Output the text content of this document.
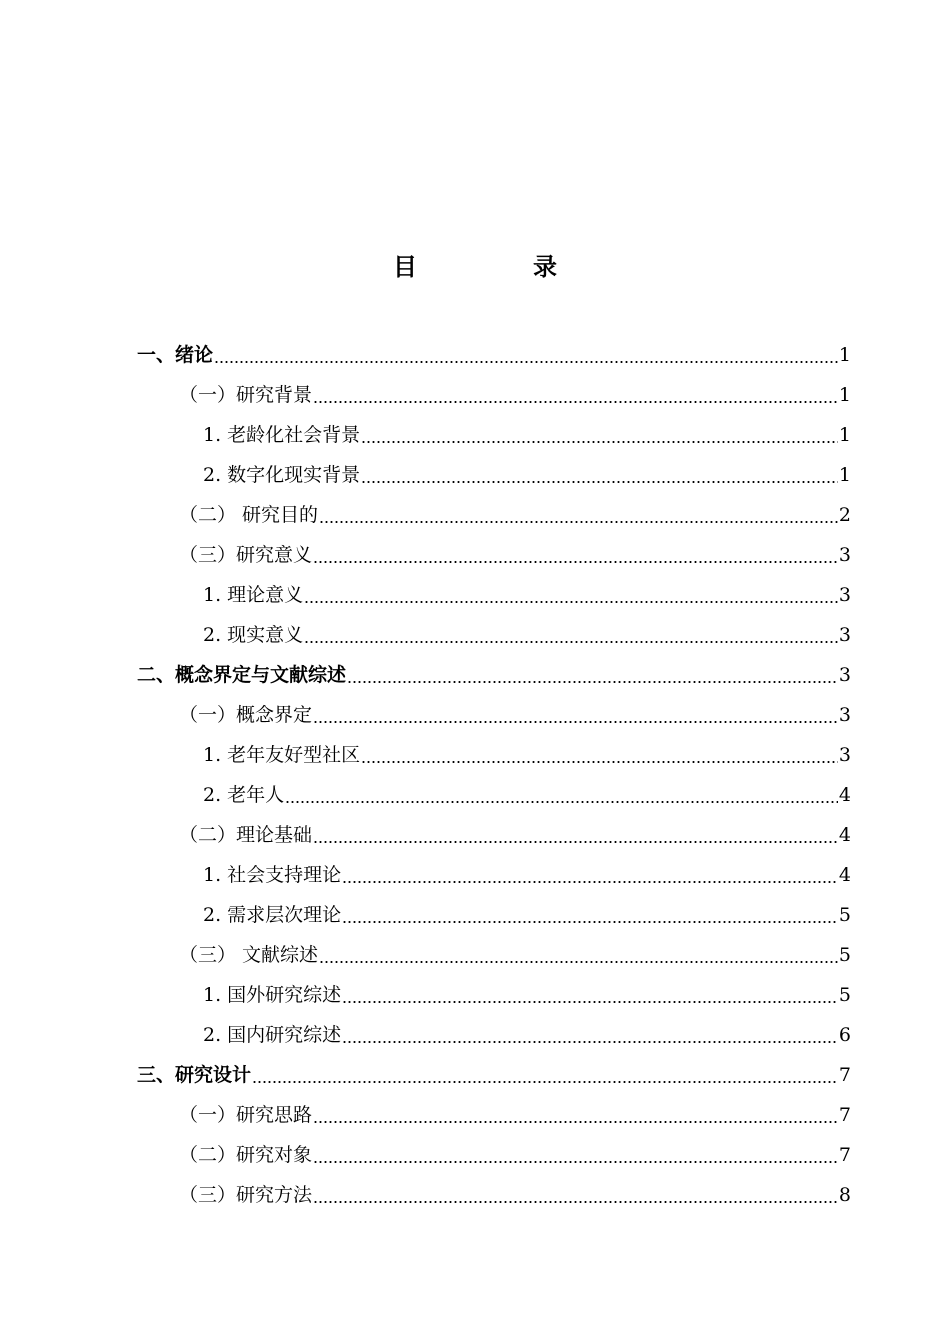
目　录
一、绪论	1
（一）研究背景	1
1. 老龄化社会背景	1
2. 数字化现实背景	1
（二） 研究目的	2
（三）研究意义	3
1. 理论意义	3
2. 现实意义	3
二、概念界定与文献综述	3
（一）概念界定	3
1. 老年友好型社区	3
2. 老年人	4
（二）理论基础	4
1. 社会支持理论	4
2. 需求层次理论	5
（三） 文献综述	5
1. 国外研究综述	5
2. 国内研究综述	6
三、研究设计	7
（一）研究思路	7
（二）研究对象	7
（三）研究方法	8
